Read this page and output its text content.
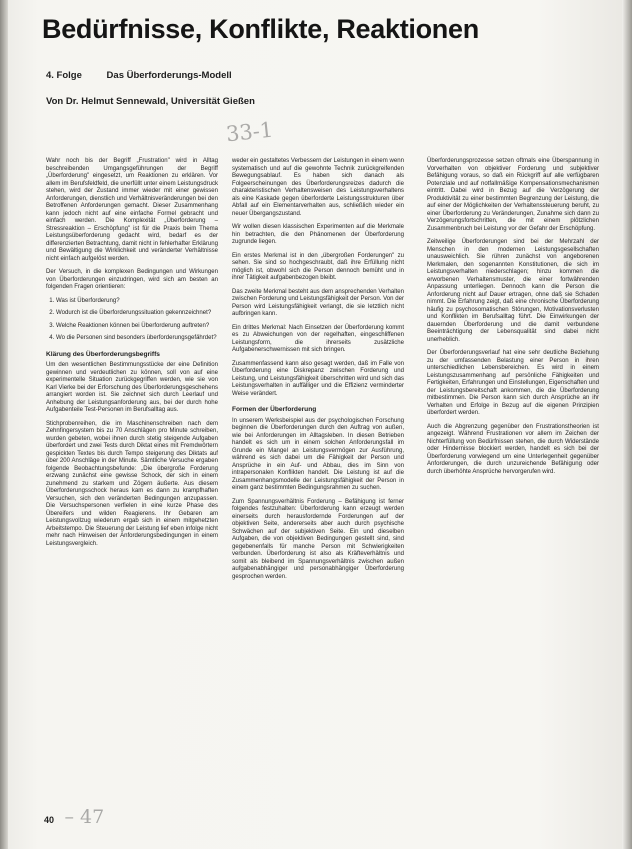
Bedürfnisse, Konflikte, Reaktionen
4. Folge	Das Überforderungs-Modell
Von Dr. Helmut Sennewald, Universität Gießen
33-1

Wahr noch bis der Begriff „Frustration" wird in Alltag beschreibenden Umgangsgeführungen der Begriff „Überforderung" eingesetzt, um Reaktionen zu erklären. Vor allem im Berufsfeldfeld, die unerfüllt unter einem Leistungsdruck stehen, wird der Zustand immer wieder mit einer gewissen Anforderungen, dienstlich und Verhältnisveränderungen bei den Betroffenen Anforderungen gemacht. Dieser Zusammenhang kann jedoch nicht auf eine einfache Formel gebracht und einfach werden. Die Komplexität „Überforderung – Stressreaktion – Erschöpfung" ist für die Praxis beim Thema Leistungsüberforderung gedacht wird, bedarf es der differenzierten Betrachtung, damit nicht in fehlerhafter Erklärung und Bewältigung die Wirklichkeit und veränderter Verhältnisse nicht einfach aufgelöst werden.

Der Versuch, in die komplexen Bedingungen und Wirkungen von Überforderungen einzudringen, wird sich am besten an folgenden Fragen orientieren:

1. Was ist Überforderung?
2. Wodurch ist die Überforderungssituation gekennzeichnet?
3. Welche Reaktionen können bei Überforderung auftreten?
4. Wo die Personen sind besonders überforderungsgefährdet?
Klärung des Überforderungsbegriffs

Um den wesentlichen Bestimmungsstücke der eine Definition gewinnen und verdeutlichen zu können, soll von auf eine experimentelle Situation zurückgegriffen werden, wie sie von Karl Vierke bei der Erforschung des Überforderungsgeschehens arrangiert worden ist. Sie zeichnet sich durch Leerlauf und Anhebung der Leistungsanforderung aus, bei der durch hohe Aufgabenteile Test-Personen im Berufsalltag aus.

Stichprobenreihen, die im Maschinenschreiben nach dem Zehnfingersystem bis zu 70 Anschlägen pro Minute schreiben, wurden gebeten, wobei ihnen durch stetig steigende Aufgaben überfordert und zwei Tests durch Diktat eines mit Fremdwörtern gespickten Textes bis durch Tempo steigerung des Diktats auf über 200 Anschläge in der Minute. Sämtliche Versuche ergaben folgende Beobachtungsbefunde: „Die übergroße Forderung erzwang zunächst eine gewisse Schock, der sich in einem zunehmend zu starkem und Zögern äußerte. Aus diesem Überforderungsschock heraus kam es dann zu krampfhaften Versuchen, sich den veränderten Bedingungen anzupassen. Die Versuchspersonen verfielen in eine kurze Phase des Übereifers und wilden Reagierens. Ihr Gebaren am Leistungsvollzug wiederum ergab sich in einem mitgehetzten Arbeitstempo. Die Steuerung der Leistung lief eben infolge nicht mehr nach Hinweisen der Anforderungsbedingungen in einem Leistungsvergleich.

weder ein gestaltetes Verbessern der Leistungen in einem wenn systematisch und auf die gewohnte Technik zurückgreifenden Bewegungsablauf. Es haben sich danach als Folgeerscheinungen des Überforderungsreizes dadurch die charakteristischen Verhaltensweisen des Leistungsverhaltens als eine Kaskade gegen überforderte Leistungsstrukturen über Abfall auf ein Elementarverhalten aus, schließlich wieder ein neuer Übergangszustand.

Wir wollen diesen klassischen Experimenten auf die Merkmale hin betrachten, die den Phänomenen der Überforderung zugrunde liegen.

Ein erstes Merkmal ist in den „übergroßen Forderungen" zu sehen. Sie sind so hochgeschraubt, daß ihre Erfüllung nicht möglich ist, obwohl sich die Person dennoch bemüht und in ihrer Tätigkeit aufgabenbezogen bleibt.

Das zweite Merkmal besteht aus dem ansprechenden Verhalten zwischen Forderung und Leistungsfähigkeit der Person. Von der Person wird Leistungsfähigkeit verlangt, die sie letztlich nicht aufbringen kann.

Ein drittes Merkmal: Nach Einsetzen der Überforderung kommt es zu Abweichungen von der regelhaften, eingeschliffenen Leistungsform, die ihrerseits zusätzliche Aufgabenerschwernissen mit sich bringen.

Zusammenfassend kann also gesagt werden, daß im Falle von Überforderung eine Diskrepanz zwischen Forderung und Leistung, und Leistungsfähigkeit überschritten wird und sich das Leistungsverhalten in auffälliger und die Effizienz verminderter Weise verändert.

Formen der Überforderung

In unserem Werksbeispiel aus der psychologischen Forschung beginnen die Überforderungen durch den Auftrag von außen, wie bei Anforderungen im Alltagsleben. In diesen Betrieben handelt es sich um in einem solchen Anforderungsfall im Grunde ein Mangel an Leistungsvermögen zur Ausführung, während es sich dabei um die Fähigkeit der Person und Ansprüche in ein Auf- und Abbau, dies im Sinn von intrapersonalen Konflikten handelt. Die Leistung ist auf die Zusammenhangsmodelle der Leistungsfähigkeit der Person in einem ganz bestimmten Bedingungsrahmen zu suchen.

Zum Spannungsverhältnis Forderung – Befähigung ist ferner folgendes festzuhalten: Überforderung kann erzeugt werden einerseits durch herausfordernde Forderungen auf der objektiven Seite, andererseits aber auch durch psychische Schwächen auf der subjektiven Seite. Ein und dieselben Aufgaben, die von objektiven Bedingungen gestellt sind, sind gegebenenfalls für manche Person mit Schwierigkeiten verbunden. Überforderung ist also als Kräfteverhältnis und somit als bleibend im Spannungsverhältnis zwischen außen aufgabenabhängiger und personabhängiger Überforderung gesprochen werden.

Überforderungsprozesse setzen oftmals eine Überspannung in Vorverhalten von objektiver Forderung und subjektiver Befähigung voraus, so daß ein Rückgriff auf alle verfügbaren Potenziale und auf notfallmäßige Kompensationsmechanismen eintritt. Dabei wird in Bezug auf die Verzögerung der Produktivität zu einer bestimmten Begrenzung der Leistung, die auf einer der Möglichkeiten der Verhaltenssteuerung beruht, zu einer Überforderung zu Veränderungen, Zunahme sich dann zu Verzögerungsfortschritten, die mit einem plötzlichen Zusammenbruch bei Leistung vor der Gefahr der Erschöpfung.

Zeitweilige Überforderungen sind bei der Mehrzahl der Menschen in den modernen Leistungsgesellschaften unausweichlich. Sie rühren zunächst von angeborenen Merkmalen, den sogenannten Konstitutionen, die sich im Leistungsverhalten niederschlagen; hinzu kommen die erworbenen Verhaltensmuster, die einer fortwährenden Anpassung unterliegen. Dennoch kann die Person die Anforderung nicht auf Dauer ertragen, ohne daß sie Schaden nimmt. Die Erfahrung zeigt, daß eine chronische Überforderung häufig zu psychosomatischen Störungen, Motivationsverlusten und Konflikten im Berufsalltag führt. Die Einwirkungen der dauernden Überforderung und die damit verbundene Beeinträchtigung der Lebensqualität sind dabei nicht unerheblich.

Der Überforderungsverlauf hat eine sehr deutliche Beziehung zu der umfassenden Belastung einer Person in ihren unterschiedlichen Lebensbereichen. Es wird in einem Leistungszusammenhang auf persönliche Fähigkeiten und Fertigkeiten, Erfahrungen und Einstellungen, Eigenschaften und der Leistungsbereitschaft ankommen, die die Überforderung mitbestimmen. Die Person kann sich durch Ansprüche an ihr Verhalten und Erfolge in Bezug auf die eigenen Prinzipien überfordert werden.

Auch die Abgrenzung gegenüber den Frustrationstheorien ist angezeigt. Während Frustrationen vor allem im Zeichen der Nichterfüllung von Bedürfnissen stehen, die durch Widerstände oder Hindernisse blockiert werden, handelt es sich bei der Überforderung vorwiegend um eine Unterlegenheit gegenüber Anforderungen, die durch unzureichende Befähigung oder durch überhöhte Ansprüche hervorgerufen wird.

40 – 47
